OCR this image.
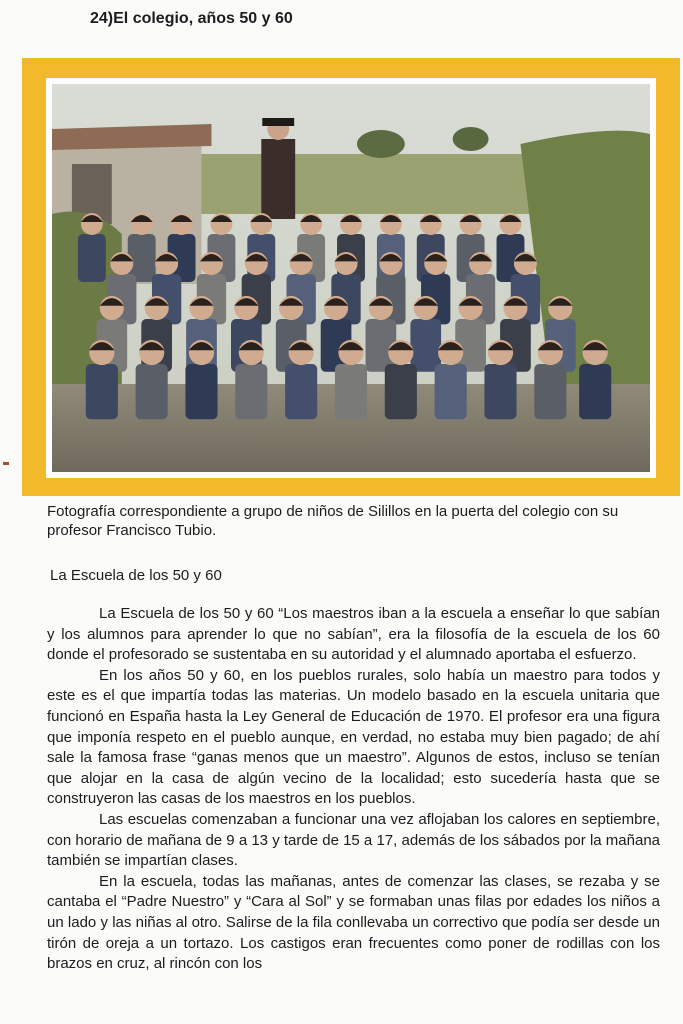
24)El colegio, años 50 y 60
Fotografía correspondiente a grupo de niños de Silillos en la puerta del colegio con su profesor Francisco Tubio.
La Escuela de los 50 y 60

La Escuela de los 50 y 60 “Los maestros iban a la escuela a enseñar lo que sabían y los alumnos para aprender lo que no sabían”, era la filosofía de la escuela de los 60 donde el profesorado se sustentaba en su autoridad y el alumnado aportaba el esfuerzo.

En los años 50 y 60, en los pueblos rurales, solo había un maestro para todos y este es el que impartía todas las materias. Un modelo basado en la escuela unitaria que funcionó en España hasta la Ley General de Educación de 1970. El profesor era una figura que imponía respeto en el pueblo aunque, en verdad, no estaba muy bien pagado; de ahí sale la famosa frase “ganas menos que un maestro”. Algunos de estos, incluso se tenían que alojar en la casa de algún vecino de la localidad; esto sucedería hasta que se construyeron las casas de los maestros en los pueblos.

Las escuelas comenzaban a funcionar una vez aflojaban los calores en septiembre, con horario de mañana de 9 a 13 y tarde de 15 a 17, además de los sábados por la mañana también se impartían clases.

En la escuela, todas las mañanas, antes de comenzar las clases, se rezaba y se cantaba el “Padre Nuestro” y “Cara al Sol” y se formaban unas filas por edades los niños a un lado y las niñas al otro. Salirse de la fila conllevaba un correctivo que podía ser desde un tirón de oreja a un tortazo. Los castigos eran frecuentes como poner de rodillas con los brazos en cruz, al rincón con los
